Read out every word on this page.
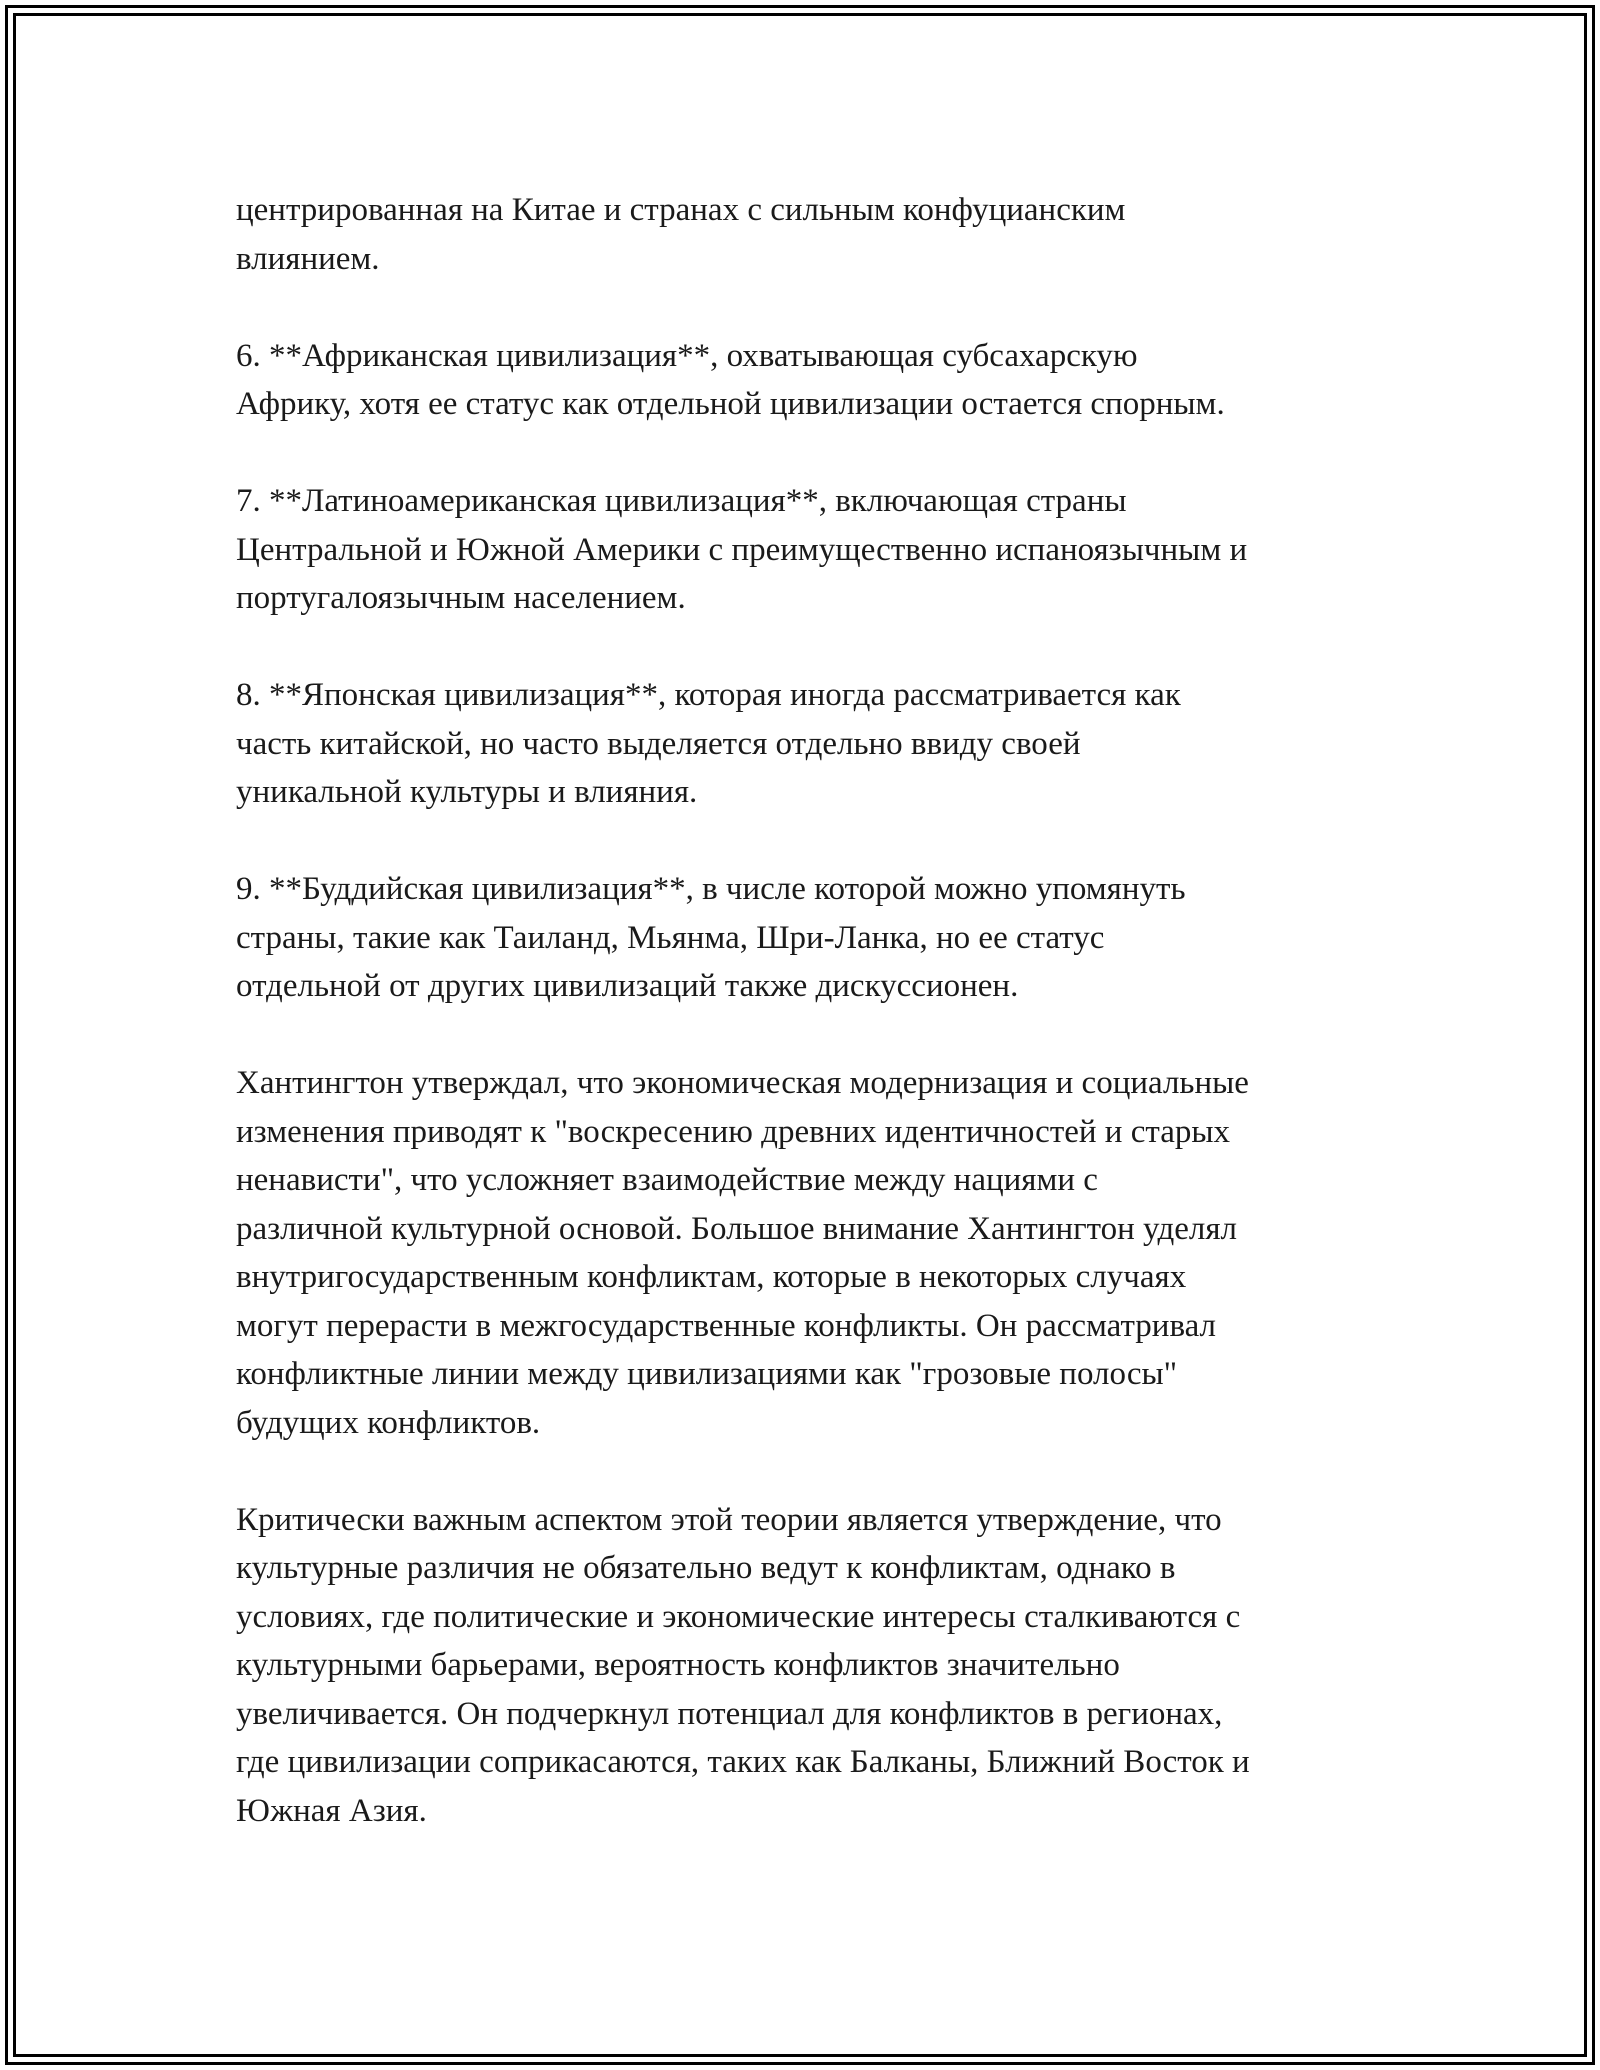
центрированная на Китае и странах с сильным конфуцианским
влиянием.

6. **Африканская цивилизация**, охватывающая субсахарскую
Африку, хотя ее статус как отдельной цивилизации остается спорным.

7. **Латиноамериканская цивилизация**, включающая страны
Центральной и Южной Америки с преимущественно испаноязычным и
португалоязычным населением.

8. **Японская цивилизация**, которая иногда рассматривается как
часть китайской, но часто выделяется отдельно ввиду своей
уникальной культуры и влияния.

9. **Буддийская цивилизация**, в числе которой можно упомянуть
страны, такие как Таиланд, Мьянма, Шри-Ланка, но ее статус
отдельной от других цивилизаций также дискуссионен.

Хантингтон утверждал, что экономическая модернизация и социальные
изменения приводят к "воскресению древних идентичностей и старых
ненависти", что усложняет взаимодействие между нациями с
различной культурной основой. Большое внимание Хантингтон уделял
внутригосударственным конфликтам, которые в некоторых случаях
могут перерасти в межгосударственные конфликты. Он рассматривал
конфликтные линии между цивилизациями как "грозовые полосы"
будущих конфликтов.

Критически важным аспектом этой теории является утверждение, что
культурные различия не обязательно ведут к конфликтам, однако в
условиях, где политические и экономические интересы сталкиваются с
культурными барьерами, вероятность конфликтов значительно
увеличивается. Он подчеркнул потенциал для конфликтов в регионах,
где цивилизации соприкасаются, таких как Балканы, Ближний Восток и
Южная Азия.
